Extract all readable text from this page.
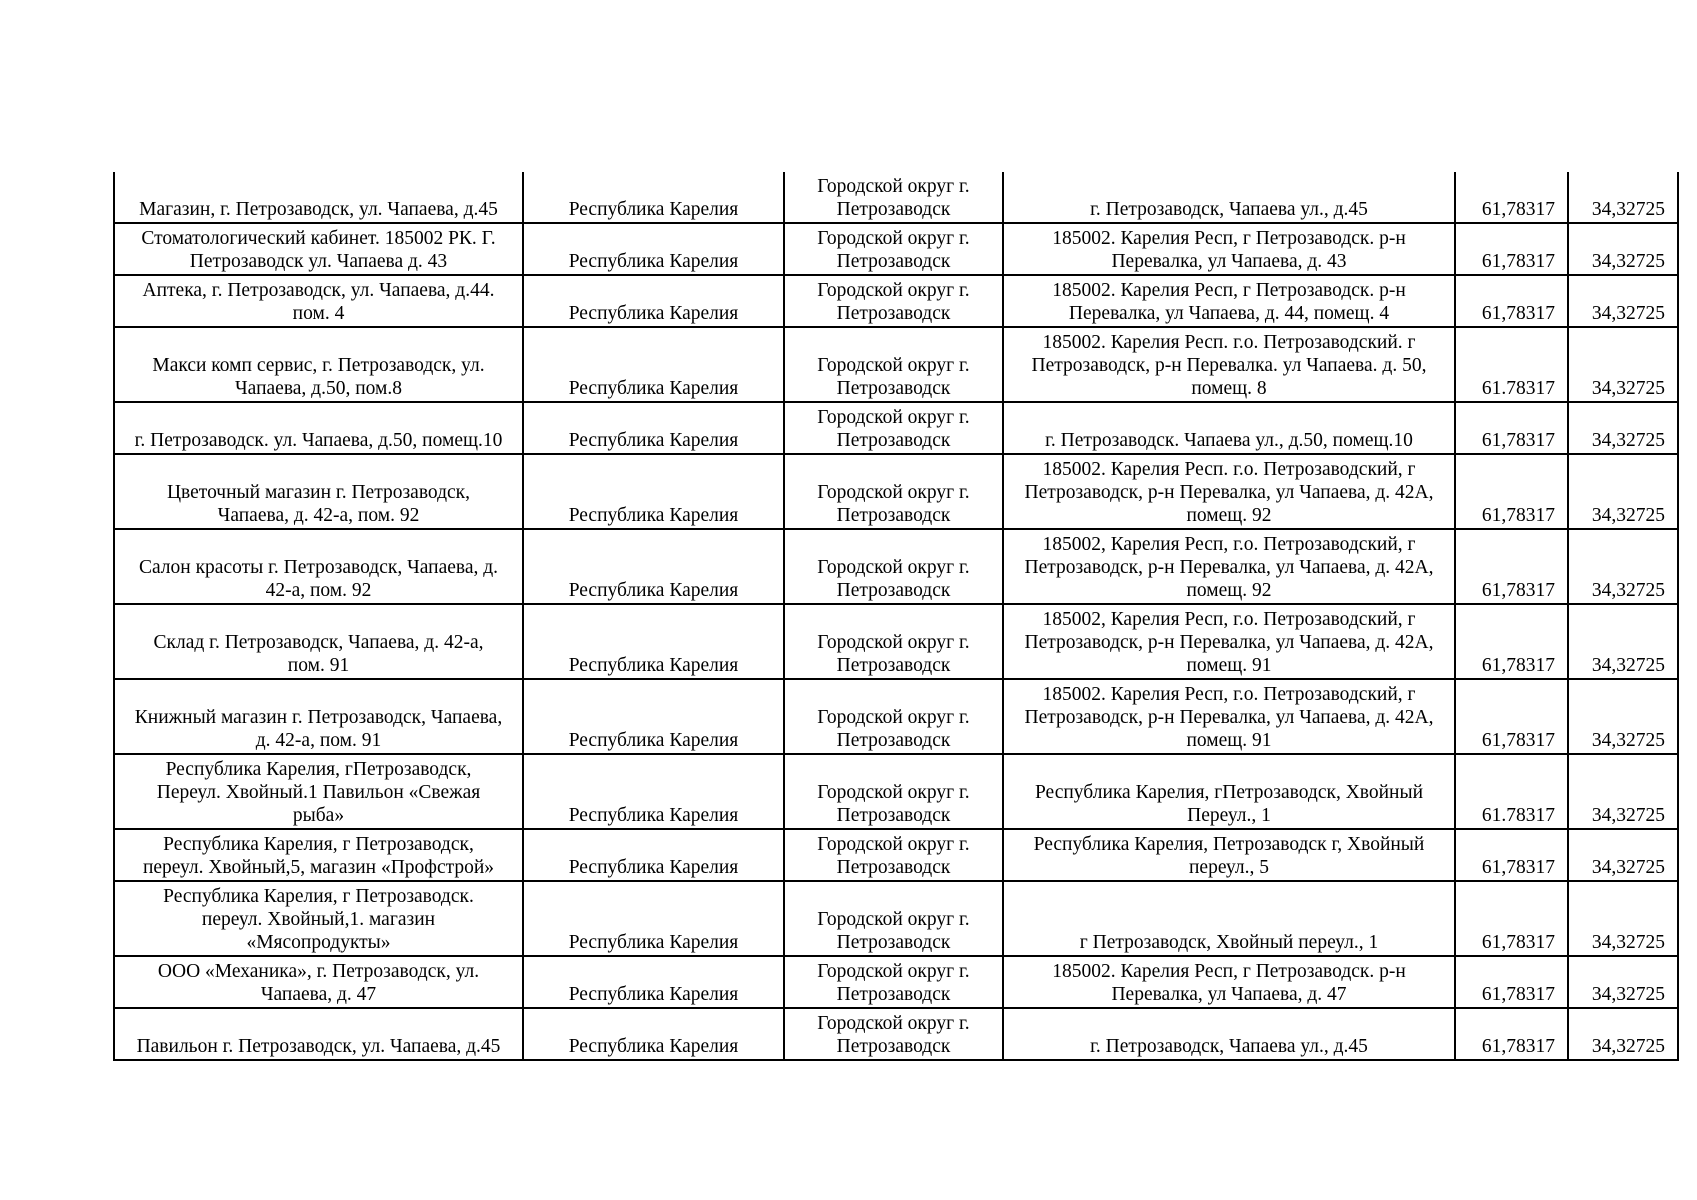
Магазин, г. Петрозаводск, ул. Чапаева, д.45	Республика Карелия	Городской округ г.
Петрозаводск	г. Петрозаводск, Чапаева ул., д.45	61,78317	34,32725
Стоматологический кабинет. 185002 РК. Г.
Петрозаводск ул. Чапаева д. 43	Республика Карелия	Городской округ г.
Петрозаводск	185002. Карелия Респ, г Петрозаводск. р-н
Перевалка, ул Чапаева, д. 43	61,78317	34,32725
Аптека, г. Петрозаводск, ул. Чапаева, д.44.
пом. 4	Республика Карелия	Городской округ г.
Петрозаводск	185002. Карелия Респ, г Петрозаводск. р-н
Перевалка, ул Чапаева, д. 44, помещ. 4	61,78317	34,32725
Макси комп сервис, г. Петрозаводск, ул.
Чапаева, д.50, пом.8	Республика Карелия	Городской округ г.
Петрозаводск	185002. Карелия Респ. г.о. Петрозаводский. г
Петрозаводск, р-н Перевалка. ул Чапаева. д. 50,
помещ. 8	61.78317	34,32725
г. Петрозаводск. ул. Чапаева, д.50, помещ.10	Республика Карелия	Городской округ г.
Петрозаводск	г. Петрозаводск. Чапаева ул., д.50, помещ.10	61,78317	34,32725
Цветочный магазин г. Петрозаводск,
Чапаева, д. 42-а, пом. 92	Республика Карелия	Городской округ г.
Петрозаводск	185002. Карелия Респ. г.о. Петрозаводский, г
Петрозаводск, р-н Перевалка, ул Чапаева, д. 42А,
помещ. 92	61,78317	34,32725
Салон красоты г. Петрозаводск, Чапаева, д.
42-а, пом. 92	Республика Карелия	Городской округ г.
Петрозаводск	185002, Карелия Респ, г.о. Петрозаводский, г
Петрозаводск, р-н Перевалка, ул Чапаева, д. 42А,
помещ. 92	61,78317	34,32725
Склад г. Петрозаводск, Чапаева, д. 42-а,
пом. 91	Республика Карелия	Городской округ г.
Петрозаводск	185002, Карелия Респ, г.о. Петрозаводский, г
Петрозаводск, р-н Перевалка, ул Чапаева, д. 42А,
помещ. 91	61,78317	34,32725
Книжный магазин г. Петрозаводск, Чапаева,
д. 42-а, пом. 91	Республика Карелия	Городской округ г.
Петрозаводск	185002. Карелия Респ, г.о. Петрозаводский, г
Петрозаводск, р-н Перевалка, ул Чапаева, д. 42А,
помещ. 91	61,78317	34,32725
Республика Карелия, гПетрозаводск,
Переул. Хвойный.1 Павильон «Свежая
рыба»	Республика Карелия	Городской округ г.
Петрозаводск	Республика Карелия, гПетрозаводск, Хвойный
Переул., 1	61.78317	34,32725
Республика Карелия, г Петрозаводск,
переул. Хвойный,5, магазин «Профстрой»	Республика Карелия	Городской округ г.
Петрозаводск	Республика Карелия, Петрозаводск г, Хвойный
переул., 5	61,78317	34,32725
Республика Карелия, г Петрозаводск.
переул. Хвойный,1. магазин
«Мясопродукты»	Республика Карелия	Городской округ г.
Петрозаводск	г Петрозаводск, Хвойный переул., 1	61,78317	34,32725
ООО «Механика», г. Петрозаводск, ул.
Чапаева, д. 47	Республика Карелия	Городской округ г.
Петрозаводск	185002. Карелия Респ, г Петрозаводск. р-н
Перевалка, ул Чапаева, д. 47	61,78317	34,32725
Павильон г. Петрозаводск, ул. Чапаева, д.45	Республика Карелия	Городской округ г.
Петрозаводск	г. Петрозаводск, Чапаева ул., д.45	61,78317	34,32725
